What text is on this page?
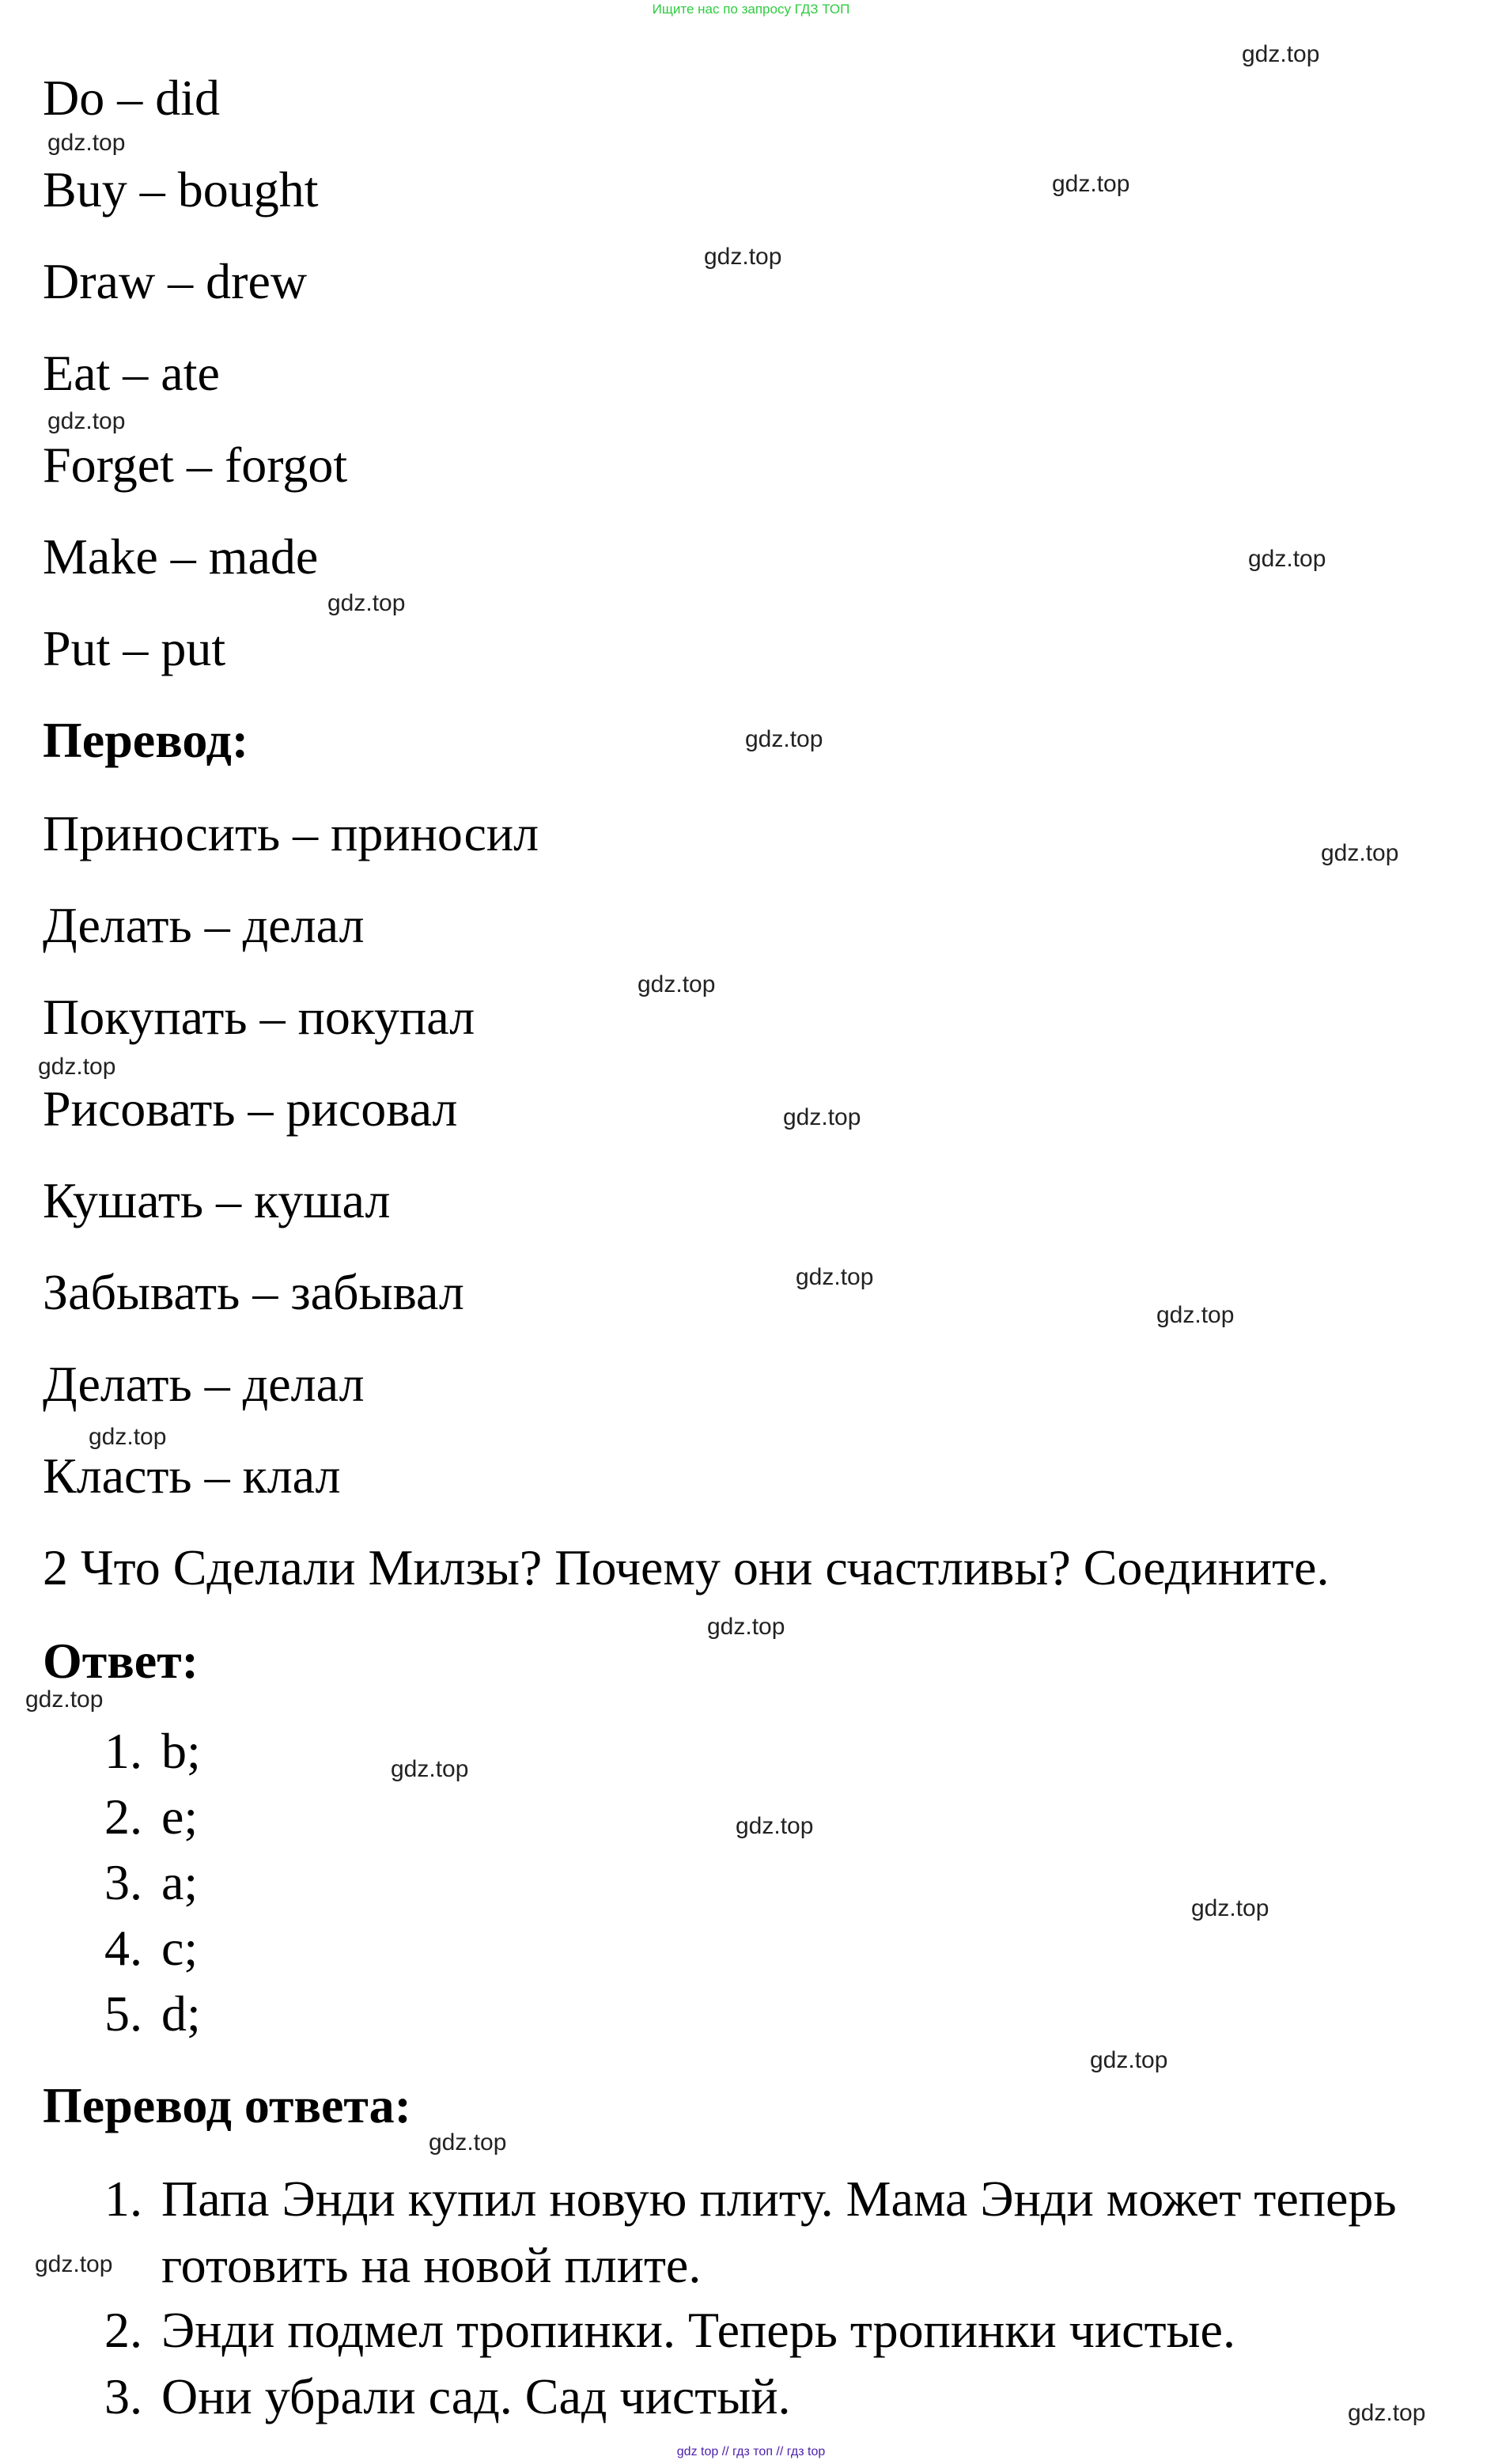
Ищите нас по запросу ГДЗ ТОП
Do – did
Buy – bought
Draw – drew
Eat – ate
Forget – forgot
Make – made
Put – put
Перевод:
Приносить – приносил
Делать – делал
Покупать – покупал
Рисовать – рисовал
Кушать – кушал
Забывать – забывал
Делать – делал
Класть – клал
2 Что Сделали Милзы? Почему они счастливы? Соедините.
Ответ:
1. b;
2. e;
3. a;
4. c;
5. d;
Перевод ответа:
1. Папа Энди купил новую плиту. Мама Энди может теперь
готовить на новой плите.
2. Энди подмел тропинки. Теперь тропинки чистые.
3. Они убрали сад. Сад чистый.
gdz.top
gdz.top
gdz.top
gdz.top
gdz.top
gdz.top
gdz.top
gdz.top
gdz.top
gdz.top
gdz.top
gdz.top
gdz.top
gdz.top
gdz.top
gdz.top
gdz.top
gdz.top
gdz.top
gdz.top
gdz.top
gdz.top
gdz.top
gdz.top
gdz top // гдз топ // гдз top
